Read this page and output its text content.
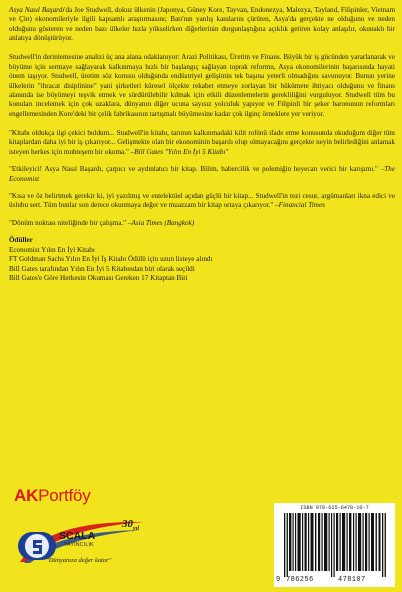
Asya Nasıl Başardı'da Joe Studwell, dokuz ülkenin (Japonya, Güney Kore, Tayvan, Endonezya, Malezya, Tayland, Filipinler, Vietnam ve Çin) ekonomileriyle ilgili kapsamlı araştırmasını; Batı'nın yanlış kanılarını çürüten, Asya'da gerçekte ne olduğunu ve neden olduğunu gösteren ve neden bazı ülkeler hızla yükselirken diğerlerinin durgunlaştığına açıklık getiren kolay anlaşılır, okunaklı bir anlatıya dönüştürüyor.

Studwell'in derinlemesine analizi üç ana alana odaklanıyor: Arazi Politikası, Üretim ve Finans. Büyük bir iş gücünden yararlanarak ve büyüme için sermaye sağlayarak kalkınmaya hızlı bir başlangıç sağlayan toprak reformu, Asya ekonomilerinin başarısında hayati önem taşıyor. Studwell, üretim söz konusu olduğunda endüstriyel gelişimin tek başına yeterli olmadığını savunuyor. Bunun yerine ülkelerin "ihracat disiplinine" yani şirketleri küresel ölçekte rekabet etmeye zorlayan bir hükümete ihtiyacı olduğunu ve finans alanında ise büyümeyi teşvik etmek ve sürdürülebilir kılmak için etkili düzenlemelerin gerekliliğini vurguluyor. Studwell tüm bu konuları incelemek için çok uzaklara, dünyanın diğer ucuna sayısız yolculuk yapıyor ve Filipinli bir şeker baronunun reformları engellemesinden Kore'deki bir çelik fabrikasının tartışmalı büyümesine kadar çok ilginç örneklere yer veriyor.

"Kitabı oldukça ilgi çekici buldum... Studwell'in kitabı, tarımın kalkınmadaki kilit rolünü ifade etme konusunda okuduğum diğer tüm kitaplardan daha iyi bir iş çıkarıyor... Gelişmekte olan bir ekonominin başarılı olup olmayacağını gerçekte neyin belirlediğini anlamak isteyen herkes için muhteşem bir okuma." –Bill Gates "Yılın En İyi 5 Kitabı"

"Etkileyici! Asya Nasıl Başardı, çarpıcı ve aydınlatıcı bir kitap. Bilim, habercilik ve polemiğin heyecan verici bir karışımı." –The Economist

"Kısa ve öz belirtmek gerekir ki, iyi yazılmış ve entelektüel açıdan güçlü bir kitap... Studwell'in tezi cesur, argümanları ikna edici ve üslubu sert. Tüm bunlar son derece okunmaya değer ve muazzam bir kitap ortaya çıkarıyor." –Financial Times

"Dönüm noktası niteliğinde bir çalışma." –Asia Times (Bangkok)

Ödüller
Economist Yılın En İyi Kitabı
FT Goldman Sachs Yılın En İyi İş Kitabı Ödülü için uzun listeye alındı
Bill Gates tarafından Yılın En İyi 5 Kitabından biri olarak seçildi
Bill Gates'e Göre Herkesin Okuması Gereken 17 Kitaptan Biri
AKPortföy
$30_{yıl}$
SCALA
YAYINCILIK
"Dünyanıza değer katar"
ISBN 978-625-6478-10-7
9 786256	478107
